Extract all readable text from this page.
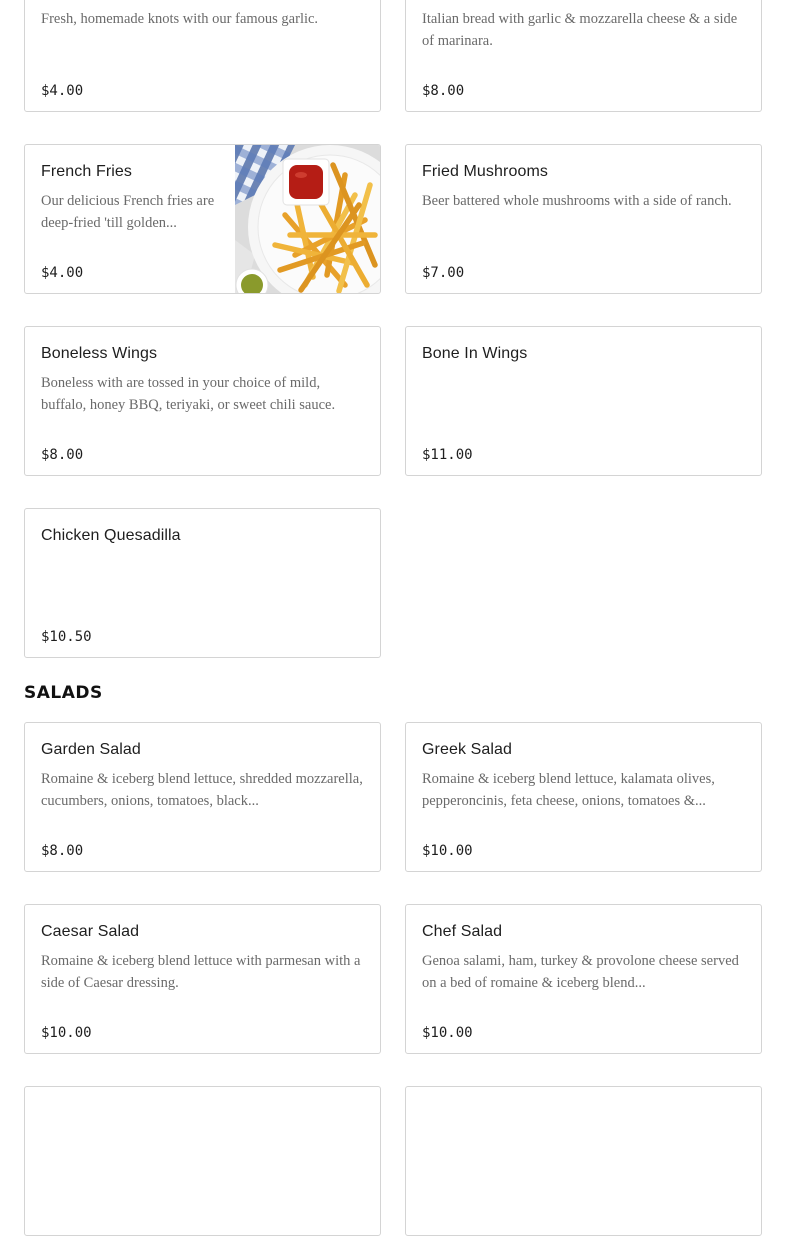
Fresh, homemade knots with our famous garlic.
$4.00
Italian bread with garlic & mozzarella cheese & a side of marinara.
$8.00
French Fries
Our delicious French fries are deep-fried 'till golden...
$4.00
Fried Mushrooms
Beer battered whole mushrooms with a side of ranch.
$7.00
Boneless Wings
Boneless with are tossed in your choice of mild, buffalo, honey BBQ, teriyaki, or sweet chili sauce.
$8.00
Bone In Wings
$11.00
Chicken Quesadilla
$10.50
SALADS
Garden Salad
Romaine & iceberg blend lettuce, shredded mozzarella, cucumbers, onions, tomatoes, black...
$8.00
Greek Salad
Romaine & iceberg blend lettuce, kalamata olives, pepperoncinis, feta cheese, onions, tomatoes &...
$10.00
Caesar Salad
Romaine & iceberg blend lettuce with parmesan with a side of Caesar dressing.
$10.00
Chef Salad
Genoa salami, ham, turkey & provolone cheese served on a bed of romaine & iceberg blend...
$10.00
